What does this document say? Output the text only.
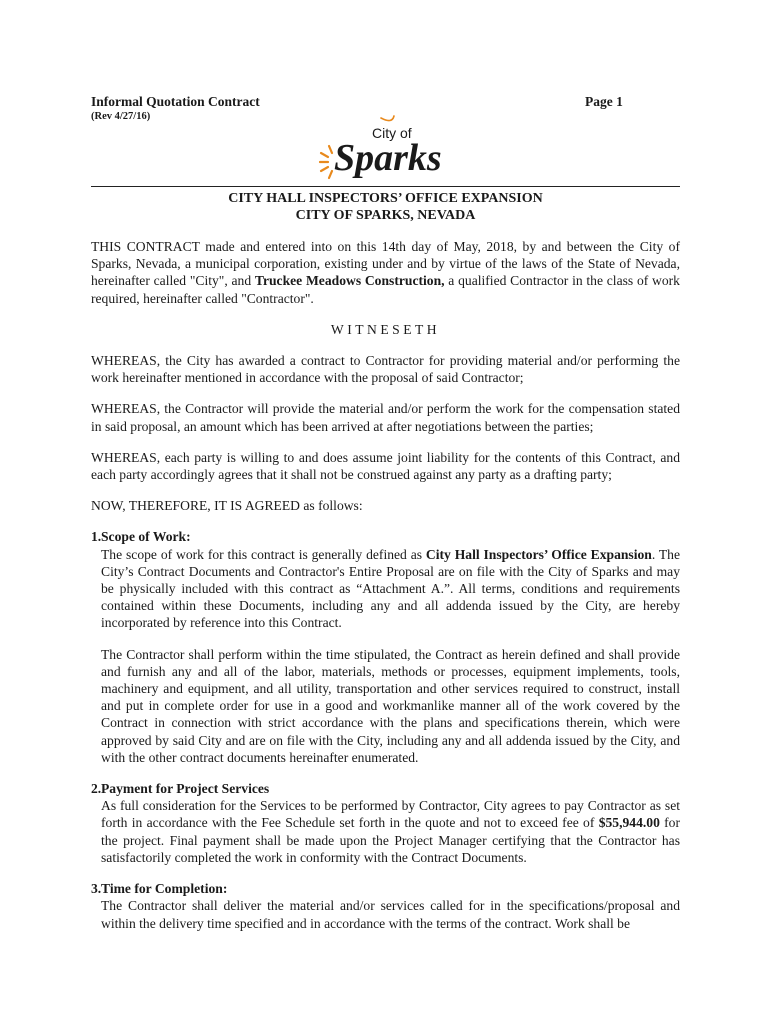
Informal Quotation Contract
(Rev 4/27/16)
Page 1
City of
Sparks
CITY HALL INSPECTORS’ OFFICE EXPANSION
CITY OF SPARKS, NEVADA

THIS CONTRACT made and entered into on this 14th day of May, 2018, by and between the City of Sparks, Nevada, a municipal corporation, existing under and by virtue of the laws of the State of Nevada, hereinafter called "City", and Truckee Meadows Construction, a qualified Contractor in the class of work required, hereinafter called "Contractor".

WITNESETH

WHEREAS, the City has awarded a contract to Contractor for providing material and/or performing the work hereinafter mentioned in accordance with the proposal of said Contractor;

WHEREAS, the Contractor will provide the material and/or perform the work for the compensation stated in said proposal, an amount which has been arrived at after negotiations between the parties;

WHEREAS, each party is willing to and does assume joint liability for the contents of this Contract, and each party accordingly agrees that it shall not be construed against any party as a drafting party;

NOW, THEREFORE, IT IS AGREED as follows:

1. Scope of Work:

The scope of work for this contract is generally defined as City Hall Inspectors’ Office Expansion. The City’s Contract Documents and Contractor's Entire Proposal are on file with the City of Sparks and may be physically included with this contract as “Attachment A.”. All terms, conditions and requirements contained within these Documents, including any and all addenda issued by the City, are hereby incorporated by reference into this Contract.

The Contractor shall perform within the time stipulated, the Contract as herein defined and shall provide and furnish any and all of the labor, materials, methods or processes, equipment implements, tools, machinery and equipment, and all utility, transportation and other services required to construct, install and put in complete order for use in a good and workmanlike manner all of the work covered by the Contract in connection with strict accordance with the plans and specifications therein, which were approved by said City and are on file with the City, including any and all addenda issued by the City, and with the other contract documents hereinafter enumerated.

2. Payment for Project Services

As full consideration for the Services to be performed by Contractor, City agrees to pay Contractor as set forth in accordance with the Fee Schedule set forth in the quote and not to exceed fee of $55,944.00 for the project. Final payment shall be made upon the Project Manager certifying that the Contractor has satisfactorily completed the work in conformity with the Contract Documents.

3. Time for Completion:

The Contractor shall deliver the material and/or services called for in the specifications/proposal and within the delivery time specified and in accordance with the terms of the contract. Work shall be
